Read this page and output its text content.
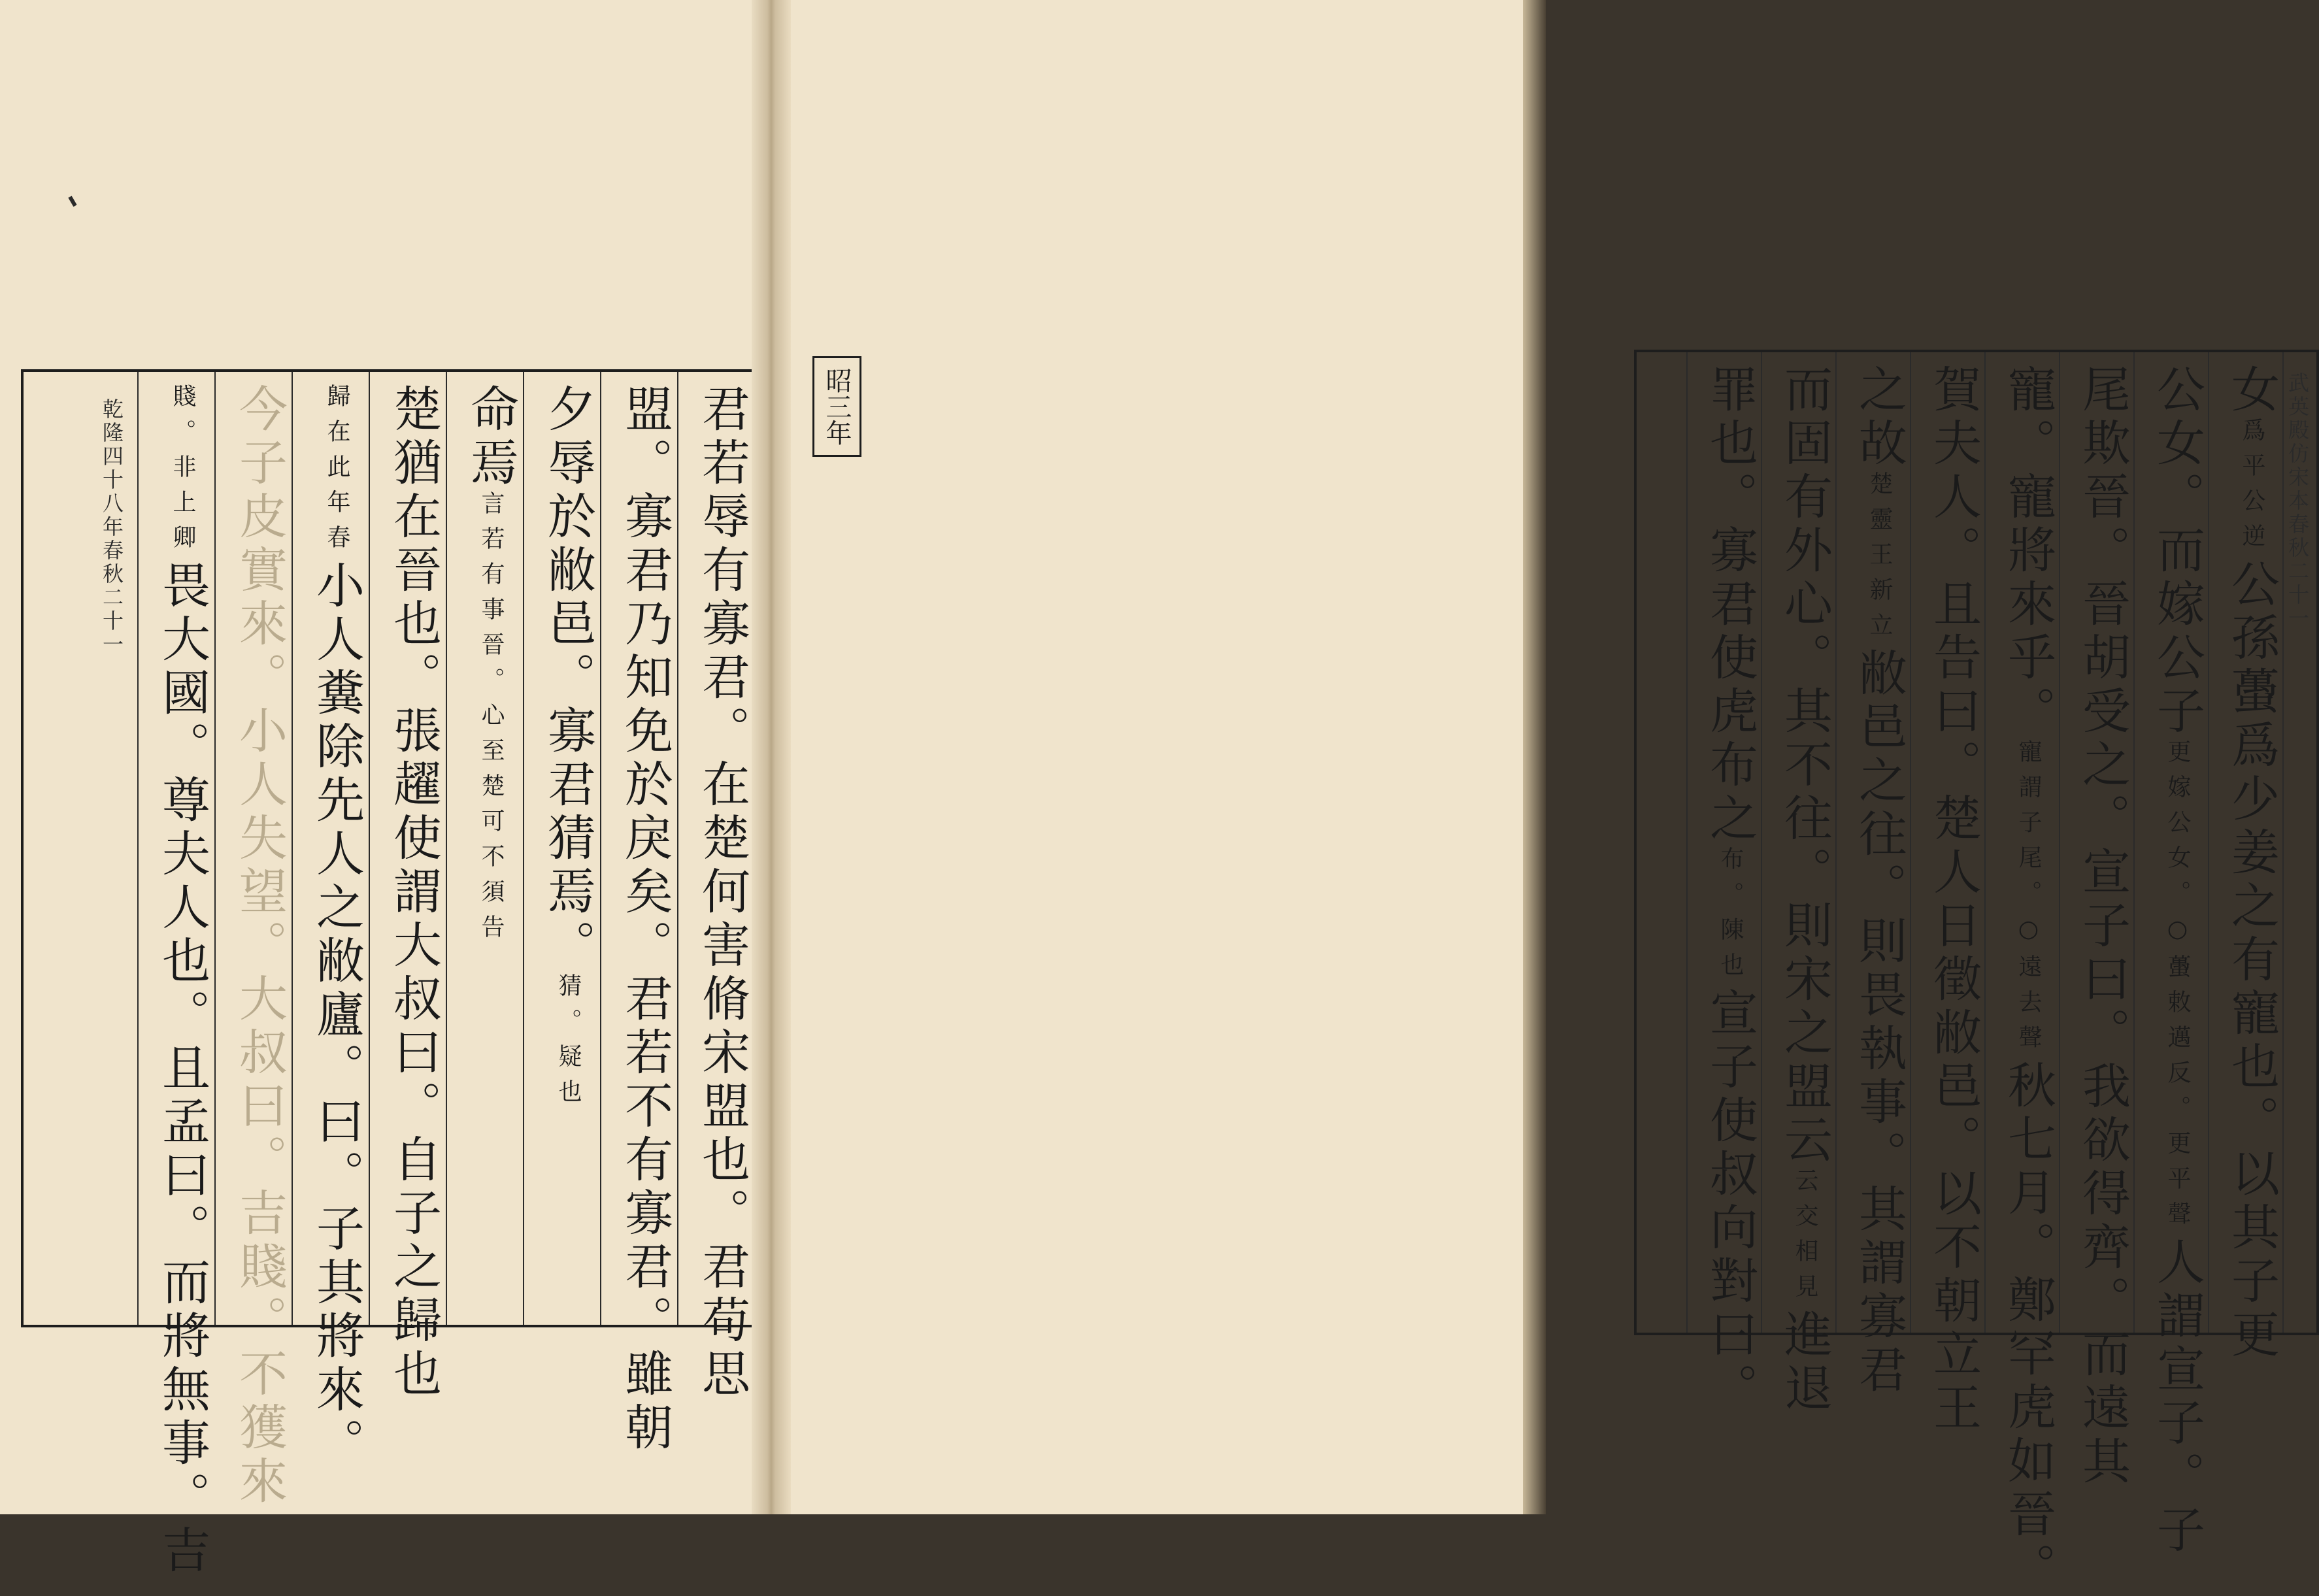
君若辱有寡君。在楚何害脩宋盟也。君苟思
盟。寡君乃知免於戾矣。君若不有寡君。雖朝
夕辱於敝邑。寡君猜焉。猜。疑也
命焉言若有事晉。心至楚可不須告
楚猶在晉也。張趯使謂大叔曰。自子之歸也
歸在此年春小人糞除先人之敝廬。曰。子其將來。
今子皮實來。小人失望。大叔曰。吉賤。不獲來
賤。非上卿畏大國。尊夫人也。且孟曰。而將無事。吉
乾隆四十八年春秋二十一	武英殿仿宋本春秋二十一
女爲平公逆公孫蠆爲少姜之有寵也。以其子更
公女。而嫁公子更嫁公女。○蠆敕邁反。更平聲人謂宣子。子
尾欺晉。晉胡受之。宣子曰。我欲得齊。而遠其
寵。寵將來乎。寵謂子尾。○遠去聲秋七月。鄭罕虎如晉。
賀夫人。且告曰。楚人日徵敝邑。以不朝立王
之故楚靈王新立敝邑之往。則畏執事。其謂寡君
而固有外心。其不往。則宋之盟云云交相見進退
罪也。寡君使虎布之布。陳也宣子使叔向對曰。
昭三年
